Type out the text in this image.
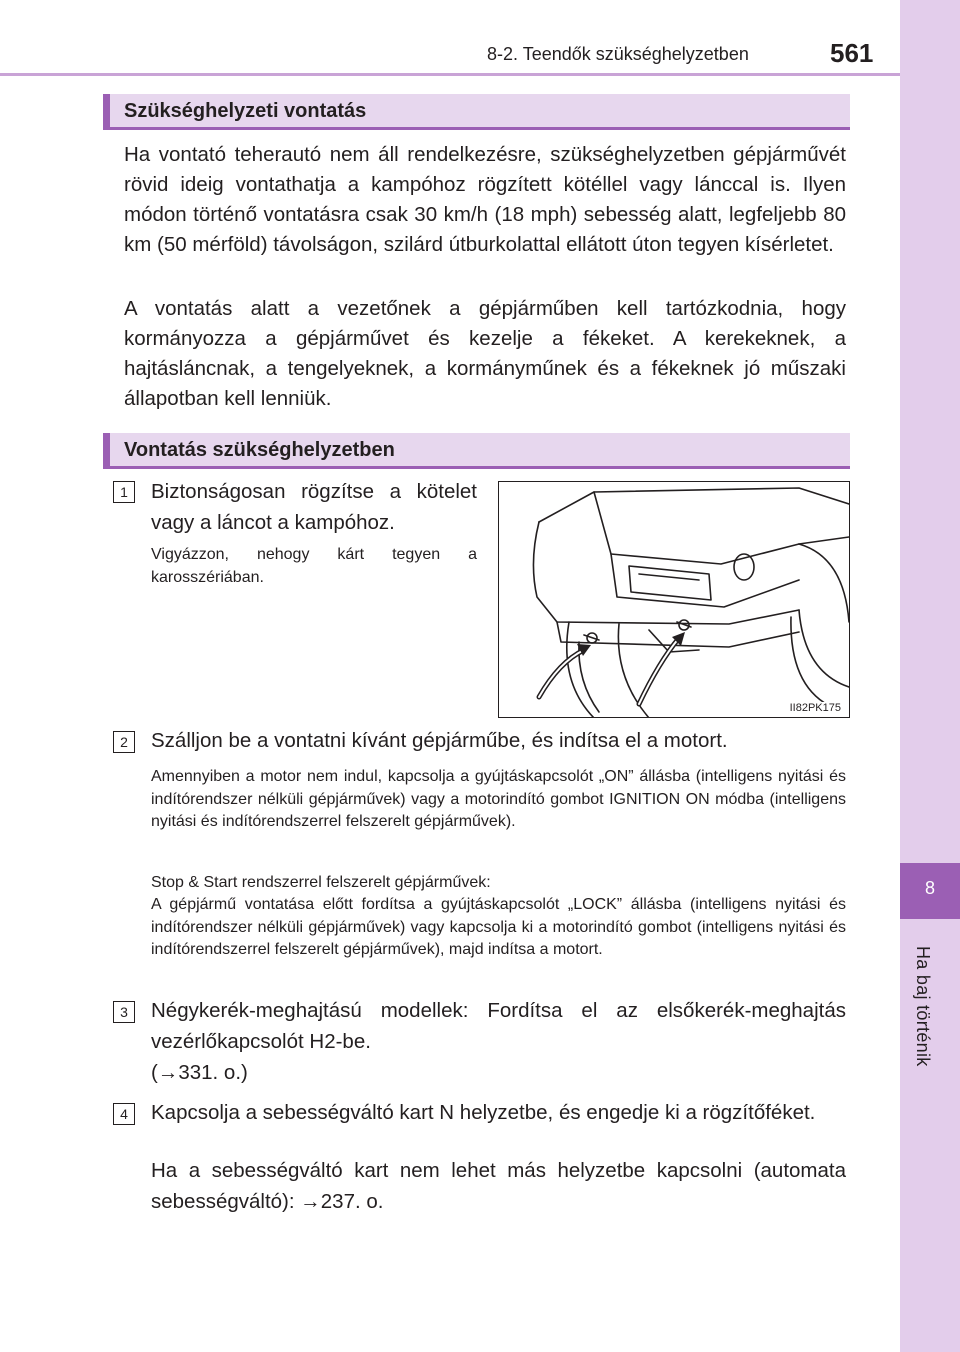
8-2. Teendők szükséghelyzetben	561
8
Ha baj történik
Szükséghelyzeti vontatás

Ha vontató teherautó nem áll rendelkezésre, szükséghelyzetben gépjárművét rövid ideig vontathatja a kampóhoz rögzített kötéllel vagy lánccal is. Ilyen módon történő vontatásra csak 30 km/h (18 mph) sebesség alatt, legfeljebb 80 km (50 mérföld) távolságon, szilárd útburkolattal ellátott úton tegyen kísérletet.

A vontatás alatt a vezetőnek a gépjárműben kell tartózkodnia, hogy kormányozza a gépjárművet és kezelje a fékeket. A kerekeknek, a hajtásláncnak, a tengelyeknek, a kormányműnek és a fékeknek jó műszaki állapotban kell lenniük.

Vontatás szükséghelyzetben
1	Biztonságosan rögzítse a kötelet vagy a láncot a kampóhoz.

Vigyázzon, nehogy kárt tegyen a karosszériában.

II82PK175
2	Szálljon be a vontatni kívánt gépjárműbe, és indítsa el a motort.

Amennyiben a motor nem indul, kapcsolja a gyújtáskapcsolót „ON” állásba (intelligens nyitási és indítórendszer nélküli gépjárművek) vagy a motorindító gombot IGNITION ON módba (intelligens nyitási és indítórendszerrel felszerelt gépjárművek).

Stop & Start rendszerrel felszerelt gépjárművek:

A gépjármű vontatása előtt fordítsa a gyújtáskapcsolót „LOCK” állásba (intelligens nyitási és indítórendszer nélküli gépjárművek) vagy kapcsolja ki a motorindító gombot (intelligens nyitási és indítórendszerrel felszerelt gépjárművek), majd indítsa a motort.

3	Négykerék-meghajtású modellek: Fordítsa el az elsőkerék-meghajtás vezérlőkapcsolót H2-be.

(→331. o.)

4	Kapcsolja a sebességváltó kart N helyzetbe, és engedje ki a rögzítőféket.

Ha a sebességváltó kart nem lehet más helyzetbe kapcsolni (automata sebességváltó): →237. o.
